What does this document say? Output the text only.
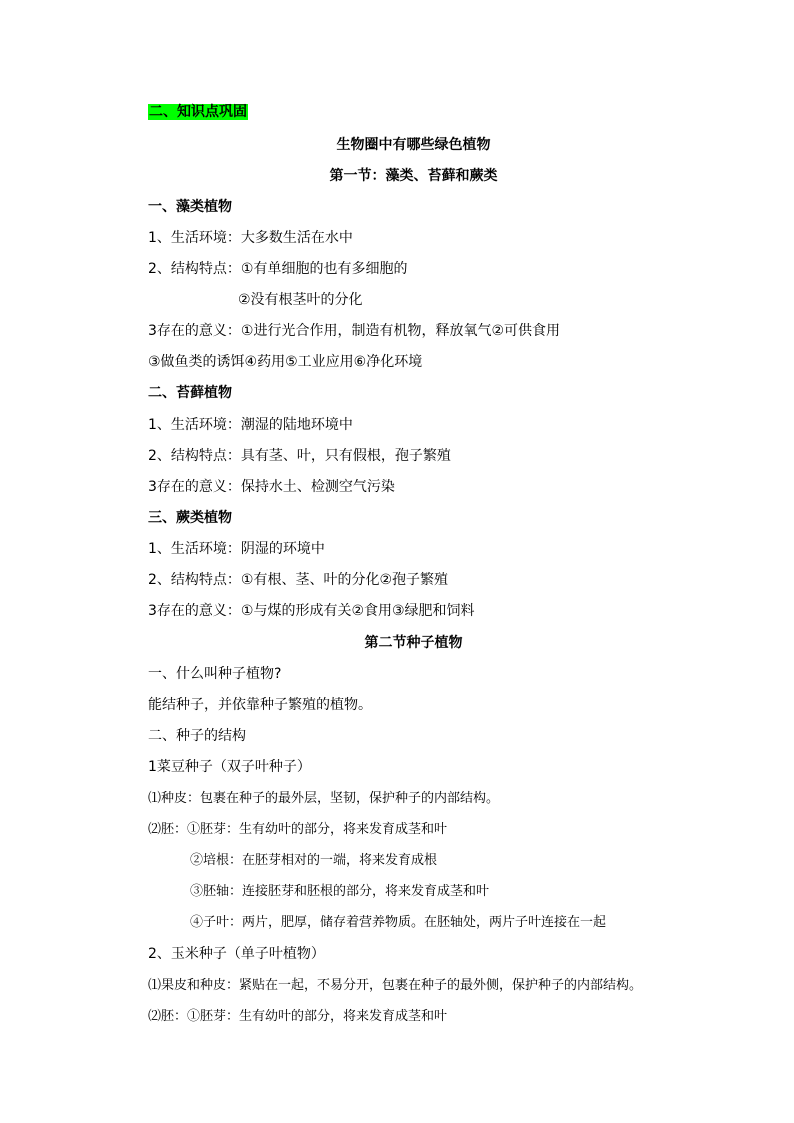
二、知识点巩固
生物圈中有哪些绿色植物
第一节：藻类、苔藓和蕨类
一、藻类植物
1、生活环境：大多数生活在水中
2、结构特点：①有单细胞的也有多细胞的
②没有根茎叶的分化
3存在的意义：①进行光合作用，制造有机物，释放氧气②可供食用
③做鱼类的诱饵④药用⑤工业应用⑥净化环境
二、苔藓植物
1、生活环境：潮湿的陆地环境中
2、结构特点：具有茎、叶，只有假根，孢子繁殖
3存在的意义：保持水土、检测空气污染
三、蕨类植物
1、生活环境：阴湿的环境中
2、结构特点：①有根、茎、叶的分化②孢子繁殖
3存在的意义：①与煤的形成有关②食用③绿肥和饲料
第二节种子植物
一、什么叫种子植物?
能结种子，并依靠种子繁殖的植物。
二、种子的结构
1菜豆种子（双子叶种子）
⑴种皮：包裹在种子的最外层，坚韧，保护种子的内部结构。
⑵胚：①胚芽：生有幼叶的部分，将来发育成茎和叶
②培根：在胚芽相对的一端，将来发育成根
③胚轴：连接胚芽和胚根的部分，将来发育成茎和叶
④子叶：两片，肥厚，储存着营养物质。在胚轴处，两片子叶连接在一起
2、玉米种子（单子叶植物）
⑴果皮和种皮：紧贴在一起，不易分开，包裹在种子的最外侧，保护种子的内部结构。
⑵胚：①胚芽：生有幼叶的部分，将来发育成茎和叶
